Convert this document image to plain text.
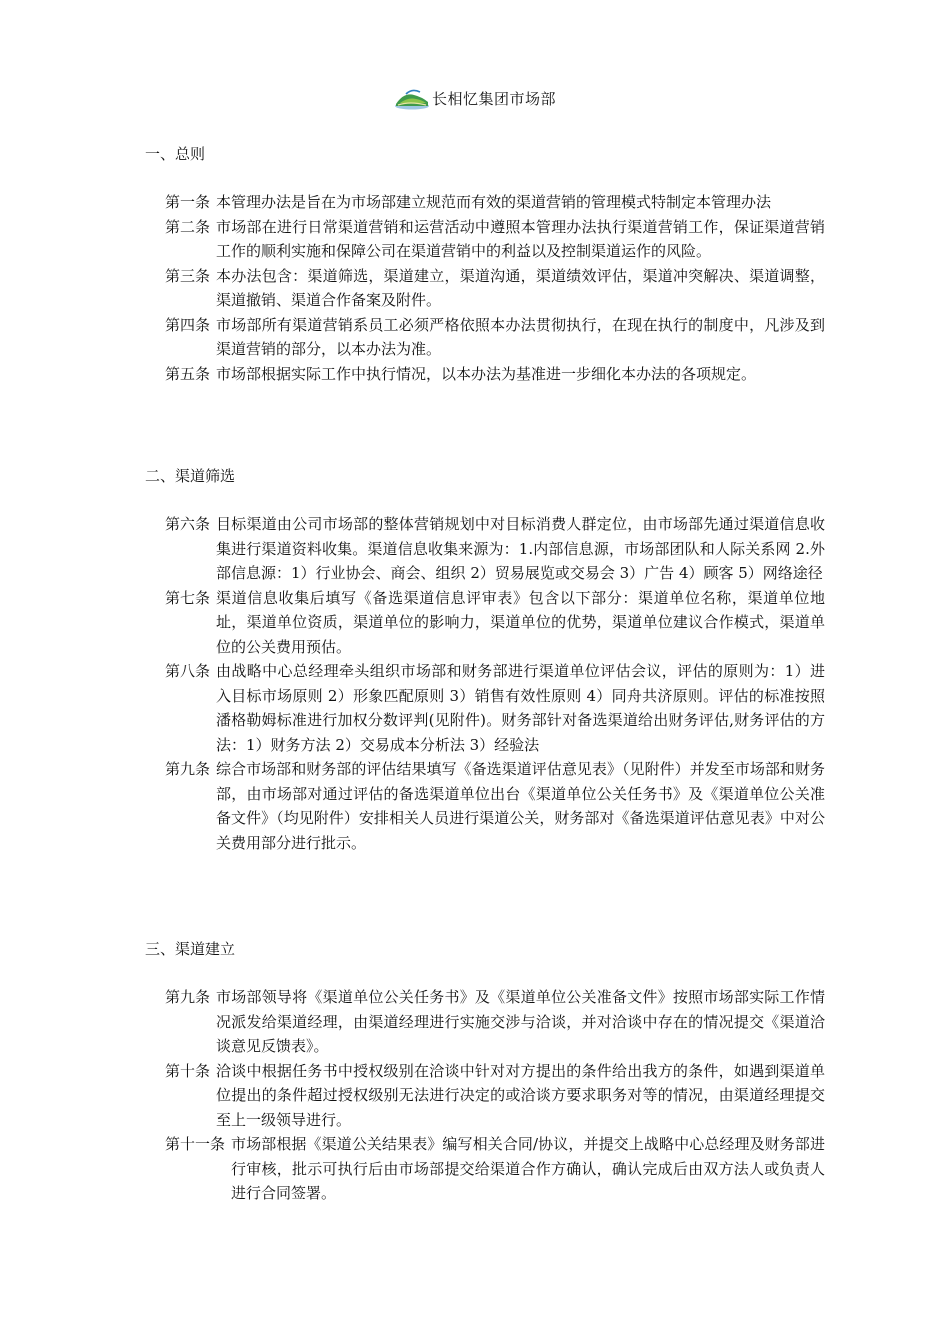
长相忆集团市场部
一、总则
第一条 本管理办法是旨在为市场部建立规范而有效的渠道营销的管理模式特制定本管理办法
第二条 市场部在进行日常渠道营销和运营活动中遵照本管理办法执行渠道营销工作，保证渠道营销工作的顺利实施和保障公司在渠道营销中的利益以及控制渠道运作的风险。
第三条 本办法包含：渠道筛选，渠道建立，渠道沟通，渠道绩效评估，渠道冲突解决、渠道调整，渠道撤销、渠道合作备案及附件。
第四条 市场部所有渠道营销系员工必须严格依照本办法贯彻执行，在现在执行的制度中，凡涉及到渠道营销的部分，以本办法为准。
第五条 市场部根据实际工作中执行情况，以本办法为基准进一步细化本办法的各项规定。
二、渠道筛选
第六条 目标渠道由公司市场部的整体营销规划中对目标消费人群定位，由市场部先通过渠道信息收集进行渠道资料收集。渠道信息收集来源为：1.内部信息源，市场部团队和人际关系网 2.外部信息源：1）行业协会、商会、组织 2）贸易展览或交易会 3）广告 4）顾客 5）网络途径
第七条 渠道信息收集后填写《备选渠道信息评审表》包含以下部分：渠道单位名称，渠道单位地址，渠道单位资质，渠道单位的影响力，渠道单位的优势，渠道单位建议合作模式，渠道单位的公关费用预估。
第八条 由战略中心总经理牵头组织市场部和财务部进行渠道单位评估会议，评估的原则为：1）进入目标市场原则 2）形象匹配原则 3）销售有效性原则 4）同舟共济原则。评估的标准按照潘格勒姆标准进行加权分数评判(见附件)。财务部针对备选渠道给出财务评估,财务评估的方法：1）财务方法 2）交易成本分析法 3）经验法
第九条 综合市场部和财务部的评估结果填写《备选渠道评估意见表》（见附件）并发至市场部和财务部，由市场部对通过评估的备选渠道单位出台《渠道单位公关任务书》及《渠道单位公关准备文件》（均见附件）安排相关人员进行渠道公关，财务部对《备选渠道评估意见表》中对公关费用部分进行批示。
三、渠道建立
第九条 市场部领导将《渠道单位公关任务书》及《渠道单位公关准备文件》按照市场部实际工作情况派发给渠道经理，由渠道经理进行实施交涉与洽谈，并对洽谈中存在的情况提交《渠道洽谈意见反馈表》。
第十条 洽谈中根据任务书中授权级别在洽谈中针对对方提出的条件给出我方的条件，如遇到渠道单位提出的条件超过授权级别无法进行决定的或洽谈方要求职务对等的情况，由渠道经理提交至上一级领导进行。
第十一条 市场部根据《渠道公关结果表》编写相关合同/协议，并提交上战略中心总经理及财务部进行审核，批示可执行后由市场部提交给渠道合作方确认，确认完成后由双方法人或负责人进行合同签署。
